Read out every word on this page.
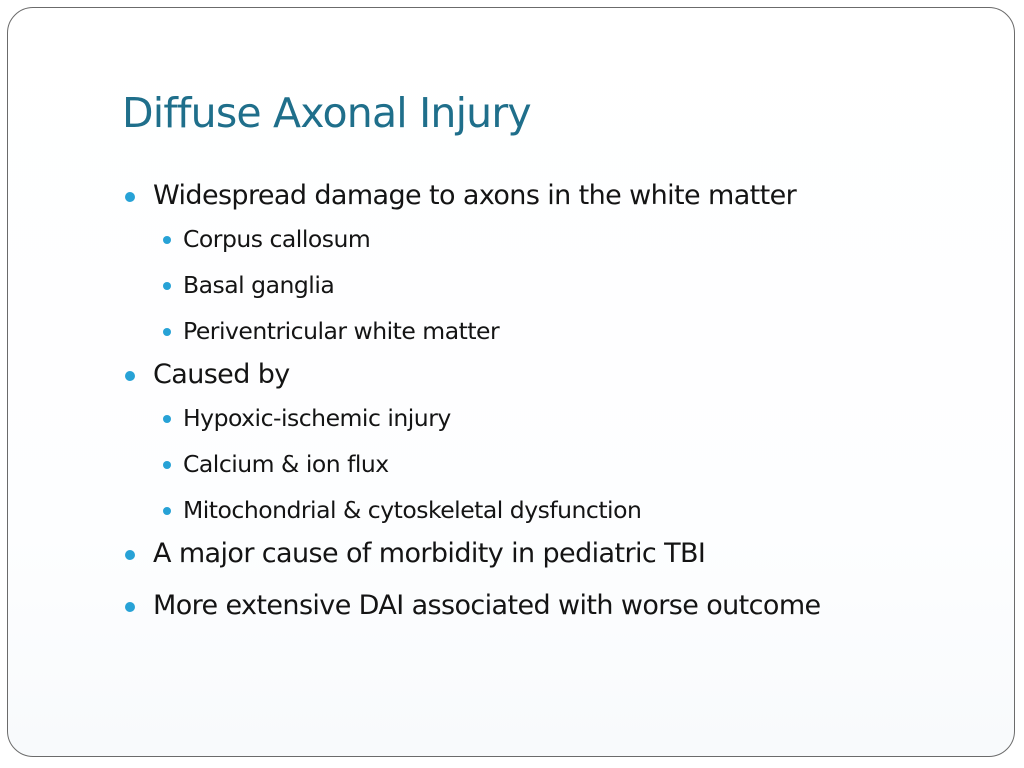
Diffuse Axonal Injury
Widespread damage to axons in the white matter
Corpus callosum
Basal ganglia
Periventricular white matter
Caused by
Hypoxic-ischemic injury
Calcium & ion flux
Mitochondrial & cytoskeletal dysfunction
A major cause of morbidity in pediatric TBI
More extensive DAI associated with worse outcome
